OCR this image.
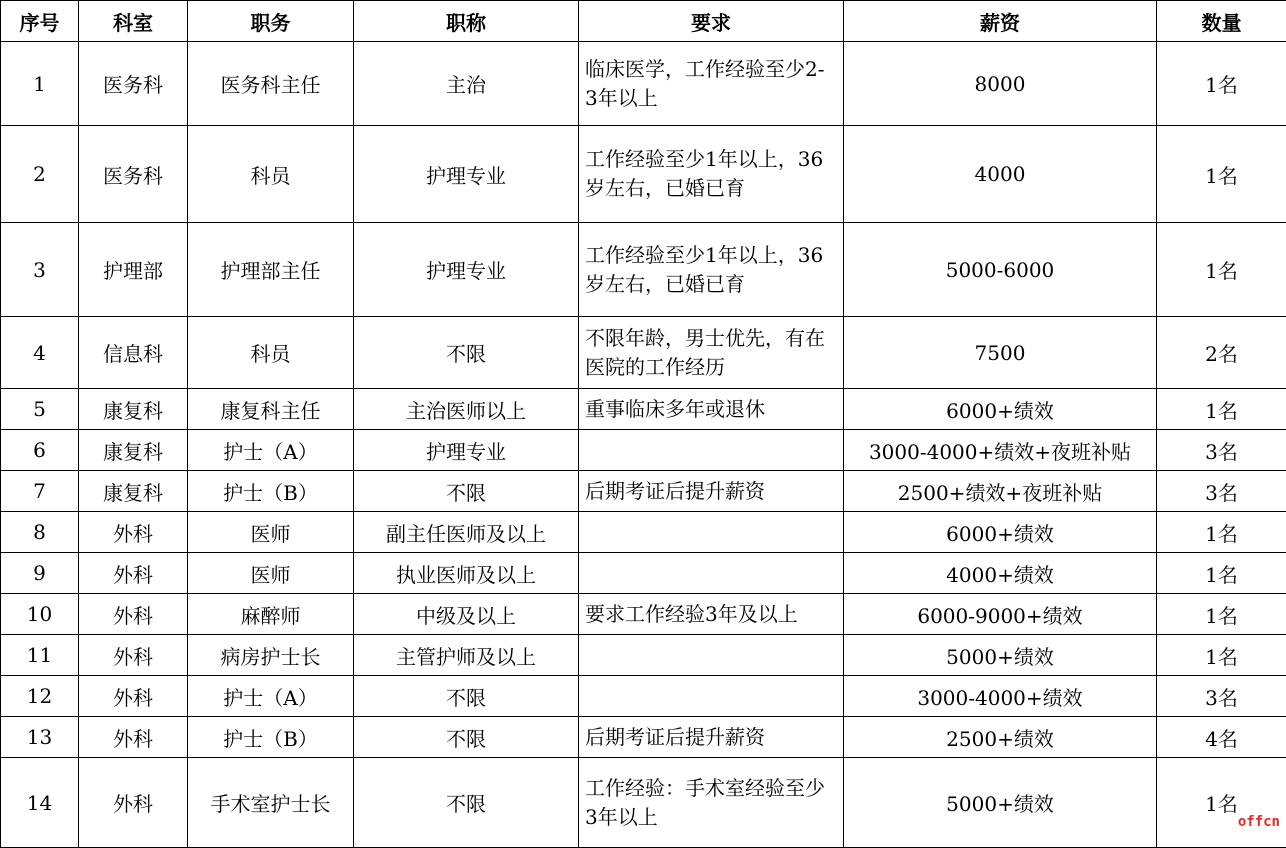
序号	科室	职务	职称	要求	薪资	数量
1	医务科	医务科主任	主治	临床医学，工作经验至少2-3年以上	8000	1名
2	医务科	科员	护理专业	工作经验至少1年以上，36岁左右，已婚已育	4000	1名
3	护理部	护理部主任	护理专业	工作经验至少1年以上，36岁左右，已婚已育	5000-6000	1名
4	信息科	科员	不限	不限年龄，男士优先，有在医院的工作经历	7500	2名
5	康复科	康复科主任	主治医师以上	重事临床多年或退休	6000+绩效	1名
6	康复科	护士（A）	护理专业		3000-4000+绩效+夜班补贴	3名
7	康复科	护士（B）	不限	后期考证后提升薪资	2500+绩效+夜班补贴	3名
8	外科	医师	副主任医师及以上		6000+绩效	1名
9	外科	医师	执业医师及以上		4000+绩效	1名
10	外科	麻醉师	中级及以上	要求工作经验3年及以上	6000-9000+绩效	1名
11	外科	病房护士长	主管护师及以上		5000+绩效	1名
12	外科	护士（A）	不限		3000-4000+绩效	3名
13	外科	护士（B）	不限	后期考证后提升薪资	2500+绩效	4名
14	外科	手术室护士长	不限	工作经验：手术室经验至少3年以上	5000+绩效	1名
offcn
